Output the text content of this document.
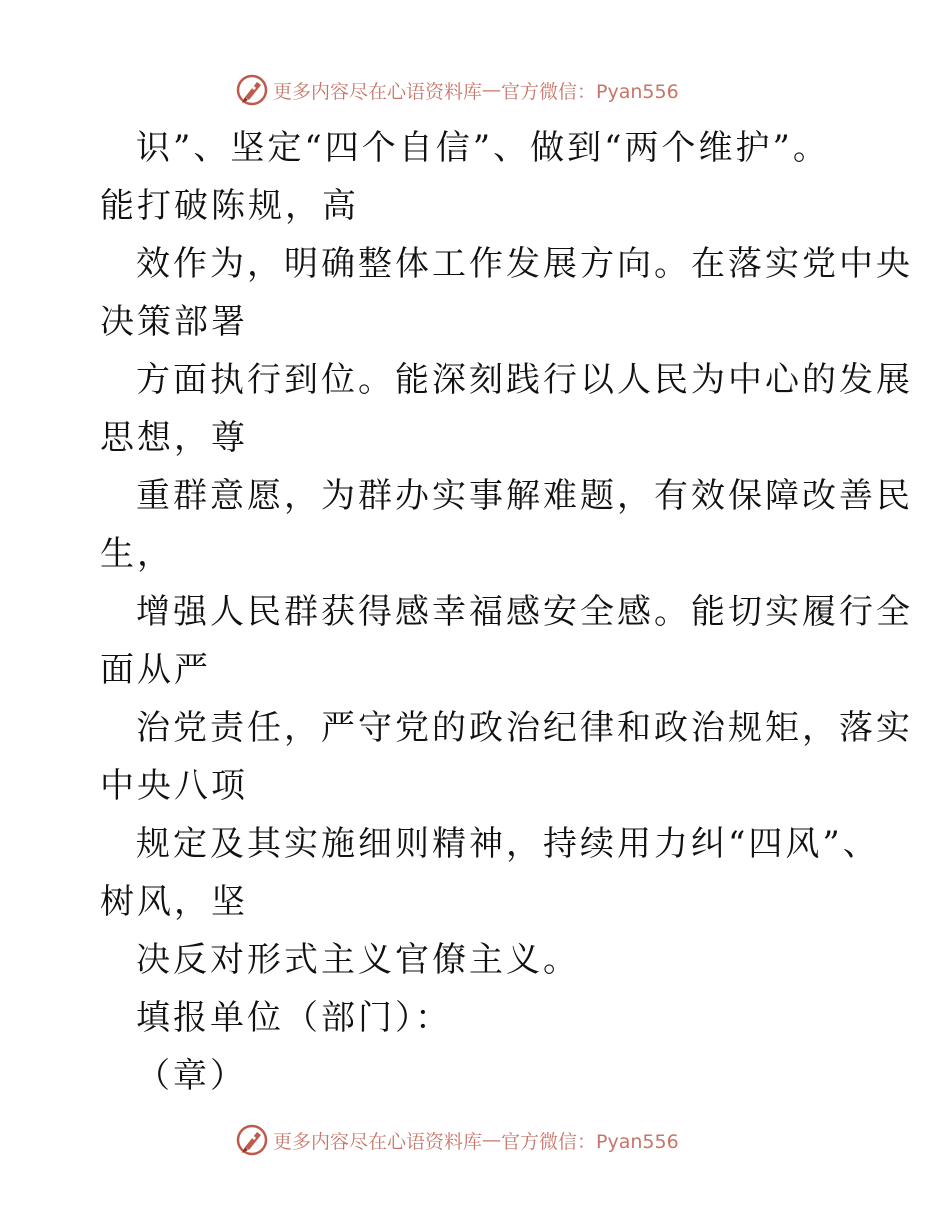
更多内容尽在心语资料库 — 官方微信：Pyan556
识”、坚定“四个自信”、做到“两个维护”。
能打破陈规，高
效作为，明确整体工作发展方向。在落实党中央
决策部署
方面执行到位。能深刻践行以人民为中心的发展
思想，尊
重群意愿，为群办实事解难题，有效保障改善民
生，
增强人民群获得感幸福感安全感。能切实履行全
面从严
治党责任，严守党的政治纪律和政治规矩，落实
中央八项
规定及其实施细则精神，持续用力纠“四风”、
树风，坚
决反对形式主义官僚主义。
填报单位（部门）：
（章）
更多内容尽在心语资料库 — 官方微信：Pyan556
